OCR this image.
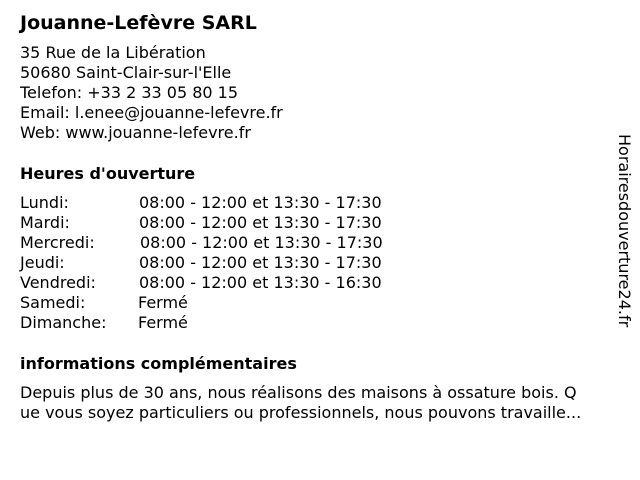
Jouanne-Lefèvre SARL
35 Rue de la Libération
50680 Saint-Clair-sur-l'Elle
Telefon: +33 2 33 05 80 15
Email: l.enee@jouanne-lefevre.fr
Web: www.jouanne-lefevre.fr
Heures d'ouverture
Lundi:	08:00 - 12:00 et 13:30 - 17:30
Mardi:	08:00 - 12:00 et 13:30 - 17:30
Mercredi:	08:00 - 12:00 et 13:30 - 17:30
Jeudi:	08:00 - 12:00 et 13:30 - 17:30
Vendredi:	08:00 - 12:00 et 13:30 - 16:30
Samedi:	Fermé
Dimanche: Fermé
informations complémentaires
Depuis plus de 30 ans, nous réalisons des maisons à ossature bois. Q
ue vous soyez particuliers ou professionnels, nous pouvons travaille...
Horairesdouverture24.fr
